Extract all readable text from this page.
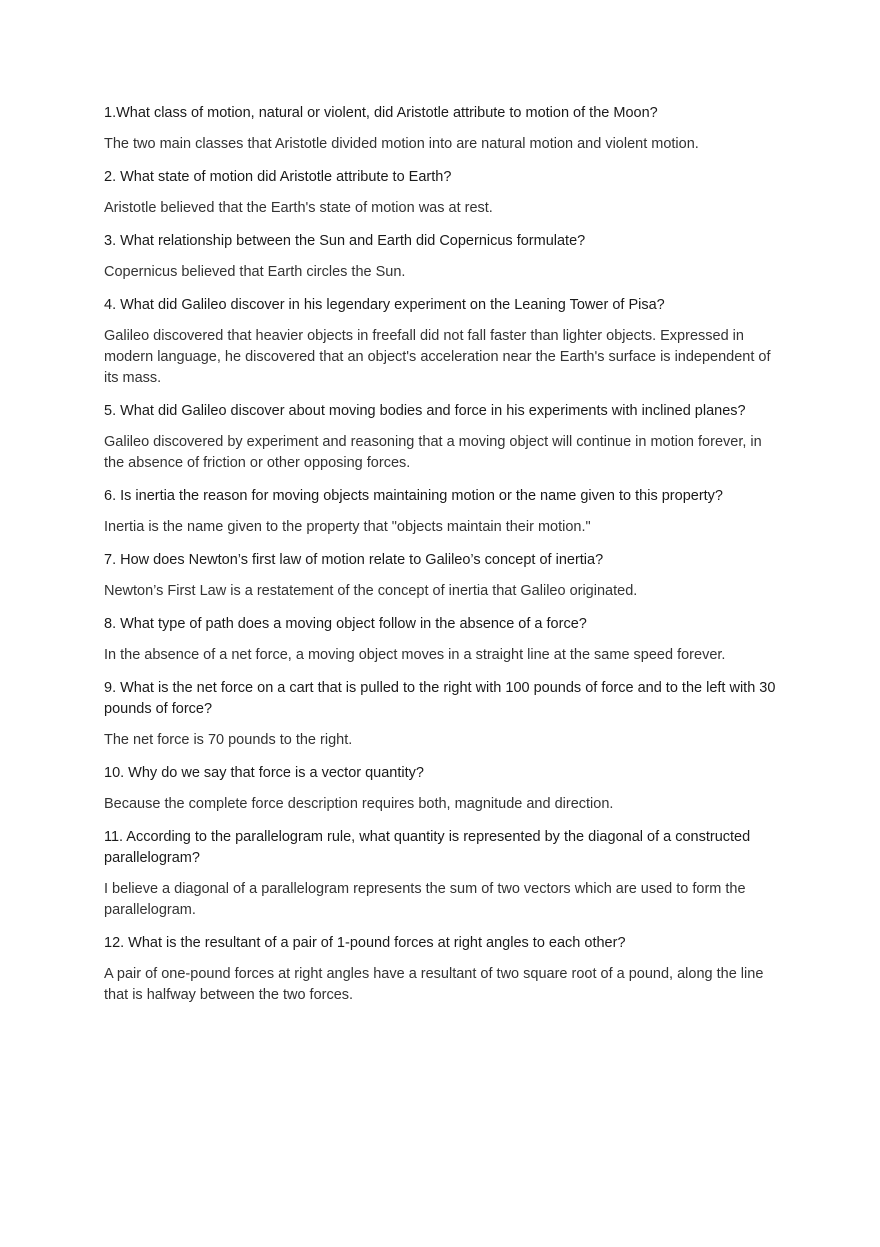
1.What class of motion, natural or violent, did Aristotle attribute to motion of the Moon?

The two main classes that Aristotle divided motion into are natural motion and violent motion.

2. What state of motion did Aristotle attribute to Earth?

Aristotle believed that the Earth's state of motion was at rest.

3. What relationship between the Sun and Earth did Copernicus formulate?

Copernicus believed that Earth circles the Sun.

4. What did Galileo discover in his legendary experiment on the Leaning Tower of Pisa?

Galileo discovered that heavier objects in freefall did not fall faster than lighter objects. Expressed in modern language, he discovered that an object's acceleration near the Earth's surface is independent of its mass.

5. What did Galileo discover about moving bodies and force in his experiments with inclined planes?

Galileo discovered by experiment and reasoning that a moving object will continue in motion forever, in the absence of friction or other opposing forces.

6. Is inertia the reason for moving objects maintaining motion or the name given to this property?

Inertia is the name given to the property that "objects maintain their motion."

7. How does Newton’s first law of motion relate to Galileo’s concept of inertia?

Newton’s First Law is a restatement of the concept of inertia that Galileo originated.

8. What type of path does a moving object follow in the absence of a force?

In the absence of a net force, a moving object moves in a straight line at the same speed forever.

9. What is the net force on a cart that is pulled to the right with 100 pounds of force and to the left with 30 pounds of force?

The net force is 70 pounds to the right.

10. Why do we say that force is a vector quantity?

Because the complete force description requires both, magnitude and direction.

11. According to the parallelogram rule, what quantity is represented by the diagonal of a constructed parallelogram?

I believe a diagonal of a parallelogram represents the sum of two vectors which are used to form the parallelogram.

12. What is the resultant of a pair of 1-pound forces at right angles to each other?

A pair of one-pound forces at right angles have a resultant of two square root of a pound, along the line that is halfway between the two forces.
